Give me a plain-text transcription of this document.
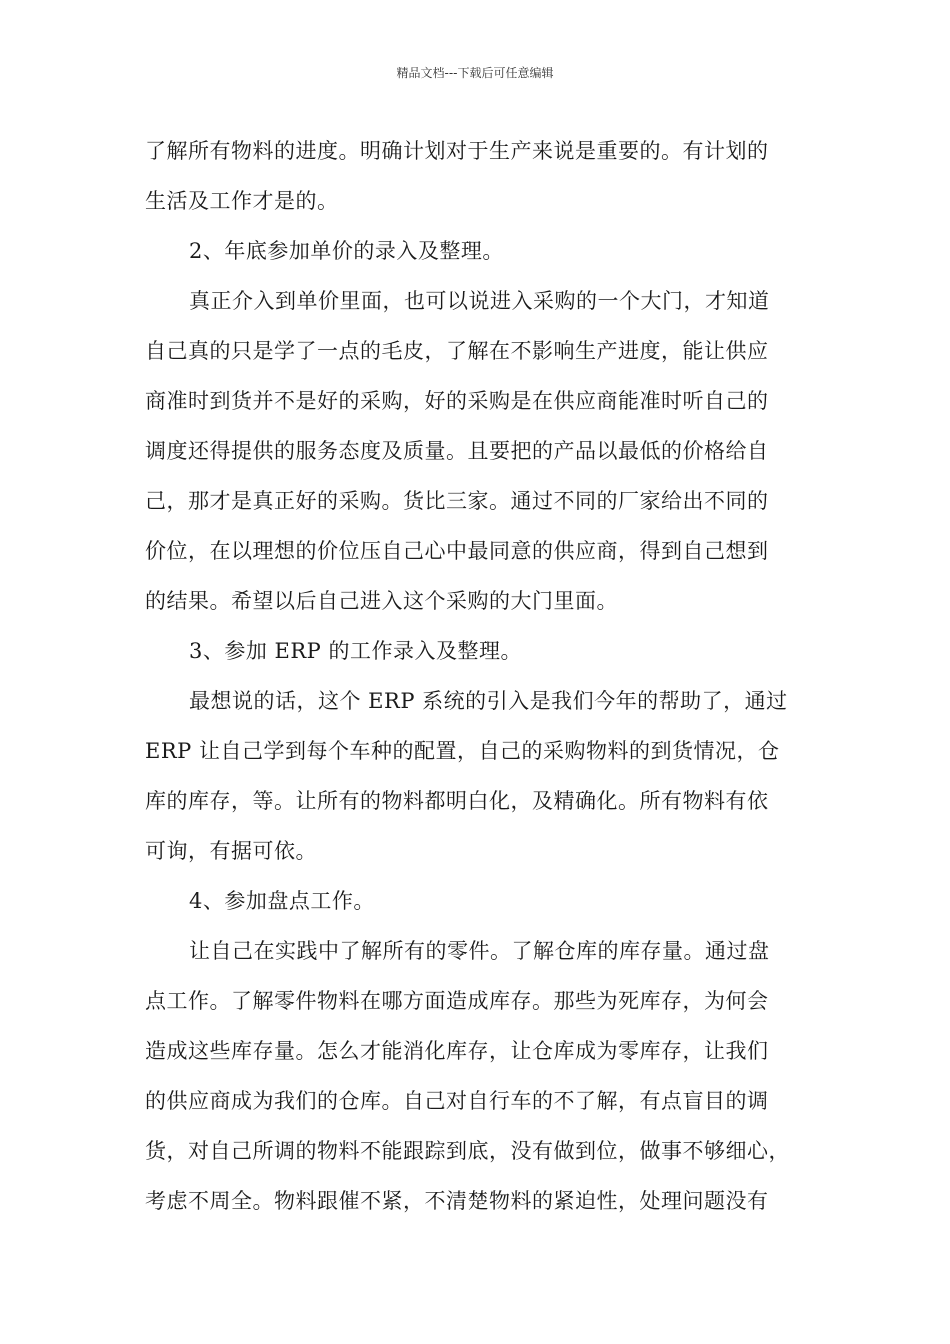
精品文档---下载后可任意编辑
了解所有物料的进度。明确计划对于生产来说是重要的。有计划的
生活及工作才是的。
2、年底参加单价的录入及整理。
真正介入到单价里面，也可以说进入采购的一个大门，才知道
自己真的只是学了一点的毛皮，了解在不影响生产进度，能让供应
商准时到货并不是好的采购，好的采购是在供应商能准时听自己的
调度还得提供的服务态度及质量。且要把的产品以最低的价格给自
己，那才是真正好的采购。货比三家。通过不同的厂家给出不同的
价位，在以理想的价位压自己心中最同意的供应商，得到自己想到
的结果。希望以后自己进入这个采购的大门里面。
3、参加 ERP 的工作录入及整理。
最想说的话，这个 ERP 系统的引入是我们今年的帮助了，通过
ERP 让自己学到每个车种的配置，自己的采购物料的到货情况，仓
库的库存，等。让所有的物料都明白化，及精确化。所有物料有依
可询，有据可依。
4、参加盘点工作。
让自己在实践中了解所有的零件。了解仓库的库存量。通过盘
点工作。了解零件物料在哪方面造成库存。那些为死库存，为何会
造成这些库存量。怎么才能消化库存，让仓库成为零库存，让我们
的供应商成为我们的仓库。自己对自行车的不了解，有点盲目的调
货，对自己所调的物料不能跟踪到底，没有做到位，做事不够细心，
考虑不周全。物料跟催不紧，不清楚物料的紧迫性，处理问题没有
